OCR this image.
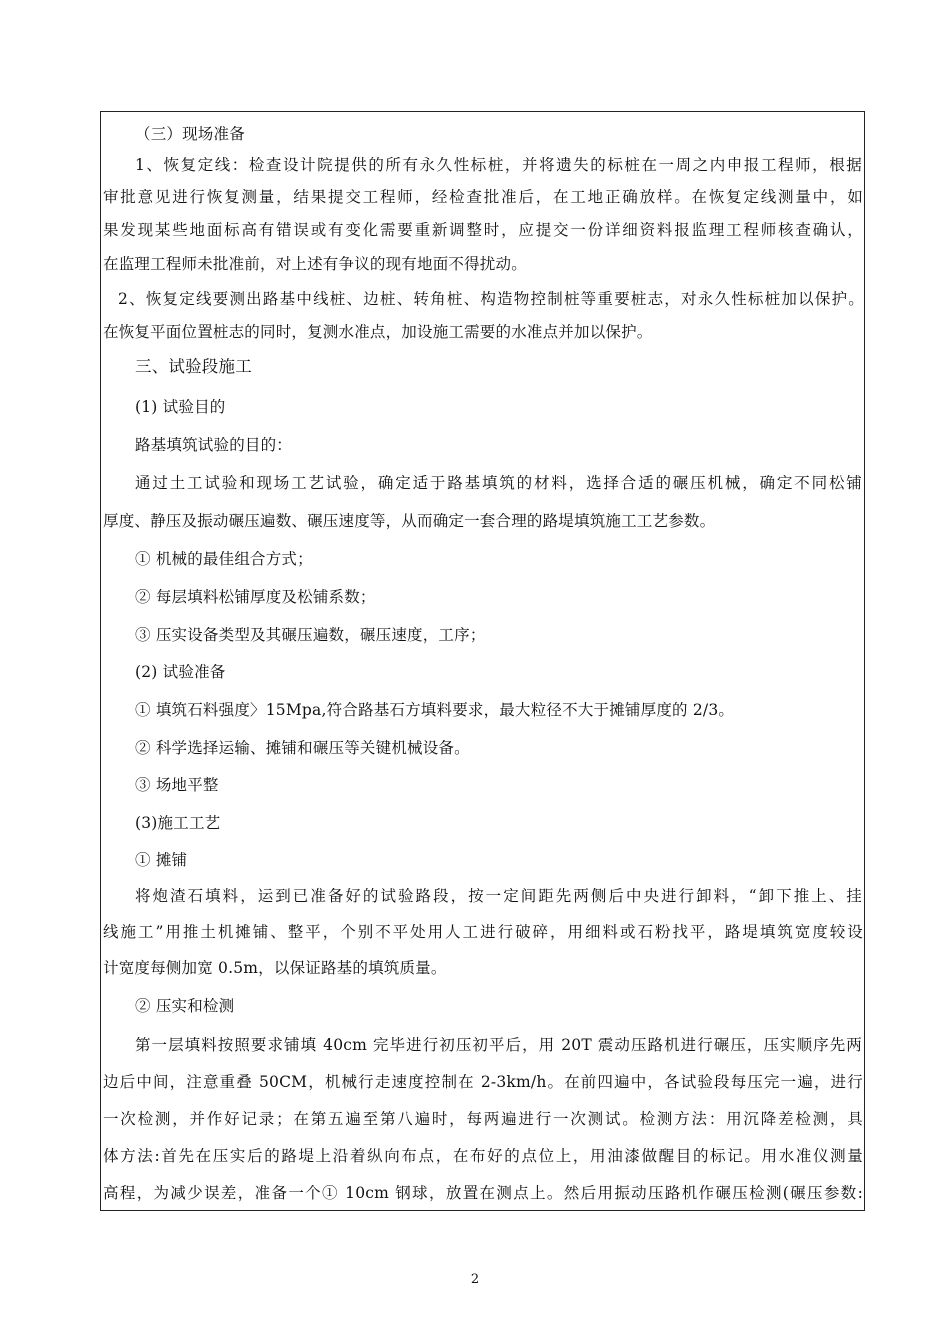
（三）现场准备
1、恢复定线：检查设计院提供的所有永久性标桩，并将遗失的标桩在一周之内申报工程师，根据
审批意见进行恢复测量，结果提交工程师，经检查批准后，在工地正确放样。在恢复定线测量中，如
果发现某些地面标高有错误或有变化需要重新调整时，应提交一份详细资料报监理工程师核查确认，
在监理工程师未批准前，对上述有争议的现有地面不得扰动。
2、恢复定线要测出路基中线桩、边桩、转角桩、构造物控制桩等重要桩志，对永久性标桩加以保护。
在恢复平面位置桩志的同时，复测水准点，加设施工需要的水准点并加以保护。
三、试验段施工
(1) 试验目的
路基填筑试验的目的：
通过土工试验和现场工艺试验，确定适于路基填筑的材料，选择合适的碾压机械，确定不同松铺
厚度、静压及振动碾压遍数、碾压速度等，从而确定一套合理的路堤填筑施工工艺参数。
① 机械的最佳组合方式；
② 每层填料松铺厚度及松铺系数；
③ 压实设备类型及其碾压遍数，碾压速度，工序；
(2) 试验准备
① 填筑石料强度〉15Mpa,符合路基石方填料要求，最大粒径不大于摊铺厚度的 2/3。
② 科学选择运输、摊铺和碾压等关键机械设备。
③ 场地平整
(3)施工工艺
① 摊铺
将炮渣石填料，运到已准备好的试验路段，按一定间距先两侧后中央进行卸料，“卸下推上、挂
线施工”用推土机摊铺、整平，个别不平处用人工进行破碎，用细料或石粉找平，路堤填筑宽度较设
计宽度每侧加宽 0.5m，以保证路基的填筑质量。
② 压实和检测
第一层填料按照要求铺填 40cm 完毕进行初压初平后，用 20T 震动压路机进行碾压，压实顺序先两
边后中间，注意重叠 50CM，机械行走速度控制在 2-3km/h。在前四遍中，各试验段每压完一遍，进行
一次检测，并作好记录；在第五遍至第八遍时，每两遍进行一次测试。检测方法：用沉降差检测，具
体方法:首先在压实后的路堤上沿着纵向布点，在布好的点位上，用油漆做醒目的标记。用水准仪测量
高程，为减少误差，准备一个① 10cm 钢球，放置在测点上。然后用振动压路机作碾压检测(碾压参数:
2
